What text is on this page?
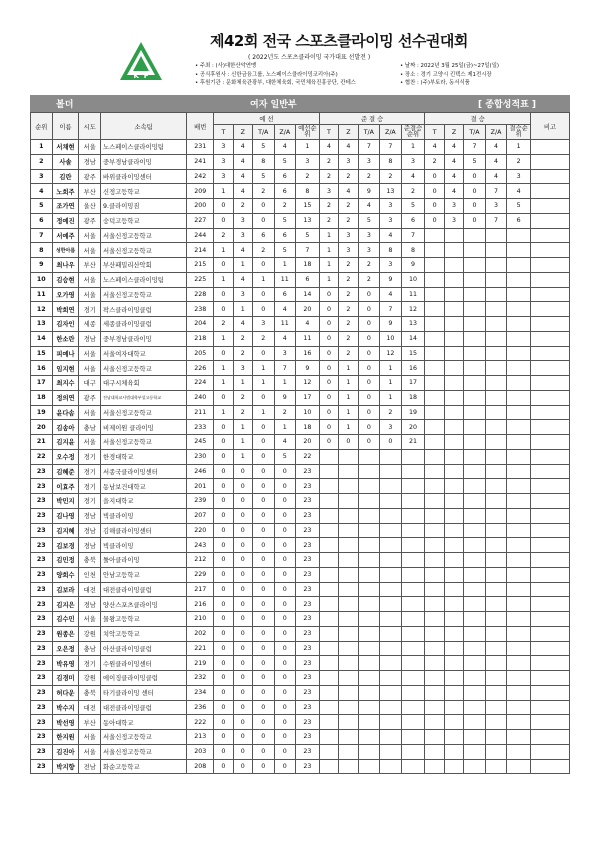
K  F
제42회 전국 스포츠클라이밍 선수권대회
( 2022년도 스포츠클라이밍 국가대표 선발전 )
• 주최 : (사)대한산악연맹
• 공식후원사 : 신한금융그룹, 노스페이스클라이밍코리아(주)
• 후원기관 : 문화체육관광부, 대한체육회, 국민체육진흥공단, 칸테스
• 날짜 : 2022년 3월 25일(금)~27일(일)
• 장소 : 경기 고양시 킨텍스 제1전시장
• 협찬 : (주)부토라, 동서식품
볼더	여자 일반부	[ 종합성적표 ]
순위	이름	시도	소속팀	배번	예 선					준 결 승					결 승					비고
					T	Z	T/A	Z/A	예선순위	T	Z	T/A	Z/A	준결승순위	T	Z	T/A	Z/A	결승순위	
1	서채현	서울	노스페이스클라이밍팀	231	3	4	5	4	1	4	4	7	7	1	4	4	7	4	1	
2	사솔	경남	중부경남클라이밍	241	3	4	8	5	3	2	3	3	8	3	2	4	5	4	2	
3	김란	광주	바위클라이밍센터	242	3	4	5	6	2	2	2	2	2	4	0	4	0	4	3	
4	노희주	부산	신정고등학교	209	1	4	2	6	8	3	4	9	13	2	0	4	0	7	4	
5	조가연	울산	9.클라이밍짐	200	0	2	0	2	15	2	2	4	3	5	0	3	0	3	5	
6	정예진	광주	숭덕고등학교	227	0	3	0	5	13	2	2	5	3	6	0	3	0	7	6	
7	서예주	서울	서울신정고등학교	244	2	3	6	6	5	1	3	3	4	7						
8	성한아름	서울	서울신정고등학교	214	1	4	2	5	7	1	3	3	8	8						
9	최나우	부산	부산패밀리산악회	215	0	1	0	1	18	1	2	2	3	9						
10	김승현	서울	노스페이스클라이밍팀	225	1	4	1	11	6	1	2	2	9	10						
11	오가영	서울	서울신정고등학교	228	0	3	0	6	14	0	2	0	4	11						
12	박희연	경기	팍스클라이밍클럽	238	0	1	0	4	20	0	2	0	7	12						
13	김자인	세종	세종클라이밍클럽	204	2	4	3	11	4	0	2	0	9	13						
14	한소란	경남	중부경남클라이밍	218	1	2	2	4	11	0	2	0	10	14						
15	피예나	서울	서울여자대학교	205	0	2	0	3	16	0	2	0	12	15						
16	임지현	서울	서울신정고등학교	226	1	3	1	7	9	0	1	0	1	16						
17	최지수	대구	대구시체육회	224	1	1	1	1	12	0	1	0	1	17						
18	정의연	광주	전남대학교사범대학부설고등학교	240	0	2	0	9	17	0	1	0	1	18						
19	윤다솜	서울	서울신정고등학교	211	1	2	1	2	10	0	1	0	2	19						
20	김송아	충남	비제이원 클라이밍	233	0	1	0	1	18	0	1	0	3	20						
21	김지윤	서울	서울신정고등학교	245	0	1	0	4	20	0	0	0	0	21						
22	오수정	경기	한경대학교	230	0	1	0	5	22											
23	김혜준	경기	서종국클라이밍센터	246	0	0	0	0	23											
23	이효주	경기	동남보건대학교	201	0	0	0	0	23											
23	박민지	경기	을지대학교	239	0	0	0	0	23											
23	김나영	경남	빅클라이밍	207	0	0	0	0	23											
23	김지혜	경남	김해클라이밍센터	220	0	0	0	0	23											
23	김보경	경남	빅클라이밍	243	0	0	0	0	23											
23	김민정	충북	툴아클라이밍	212	0	0	0	0	23											
23	양희수	인천	안남고등학교	229	0	0	0	0	23											
23	김보라	대전	대전클라이밍클럽	217	0	0	0	0	23											
23	김지은	경남	양산스포츠클라이밍	216	0	0	0	0	23											
23	김수민	서울	물왕고등학교	210	0	0	0	0	23											
23	원종은	강원	치악고등학교	202	0	0	0	0	23											
23	오은정	충남	아산클라이밍클럽	221	0	0	0	0	23											
23	박유영	경기	수원클라이밍센터	219	0	0	0	0	23											
23	김경미	강원	에이징클라이밍클럽	232	0	0	0	0	23											
23	허다운	충북	타기클라이밍 센터	234	0	0	0	0	23											
23	박수지	대전	대전클라이밍클럽	236	0	0	0	0	23											
23	박선영	부산	동아대학교	222	0	0	0	0	23											
23	한지원	서울	서울신정고등학교	213	0	0	0	0	23											
23	김진아	서울	서울신정고등학교	203	0	0	0	0	23											
23	박지향	전남	화순고등학교	208	0	0	0	0	23											
